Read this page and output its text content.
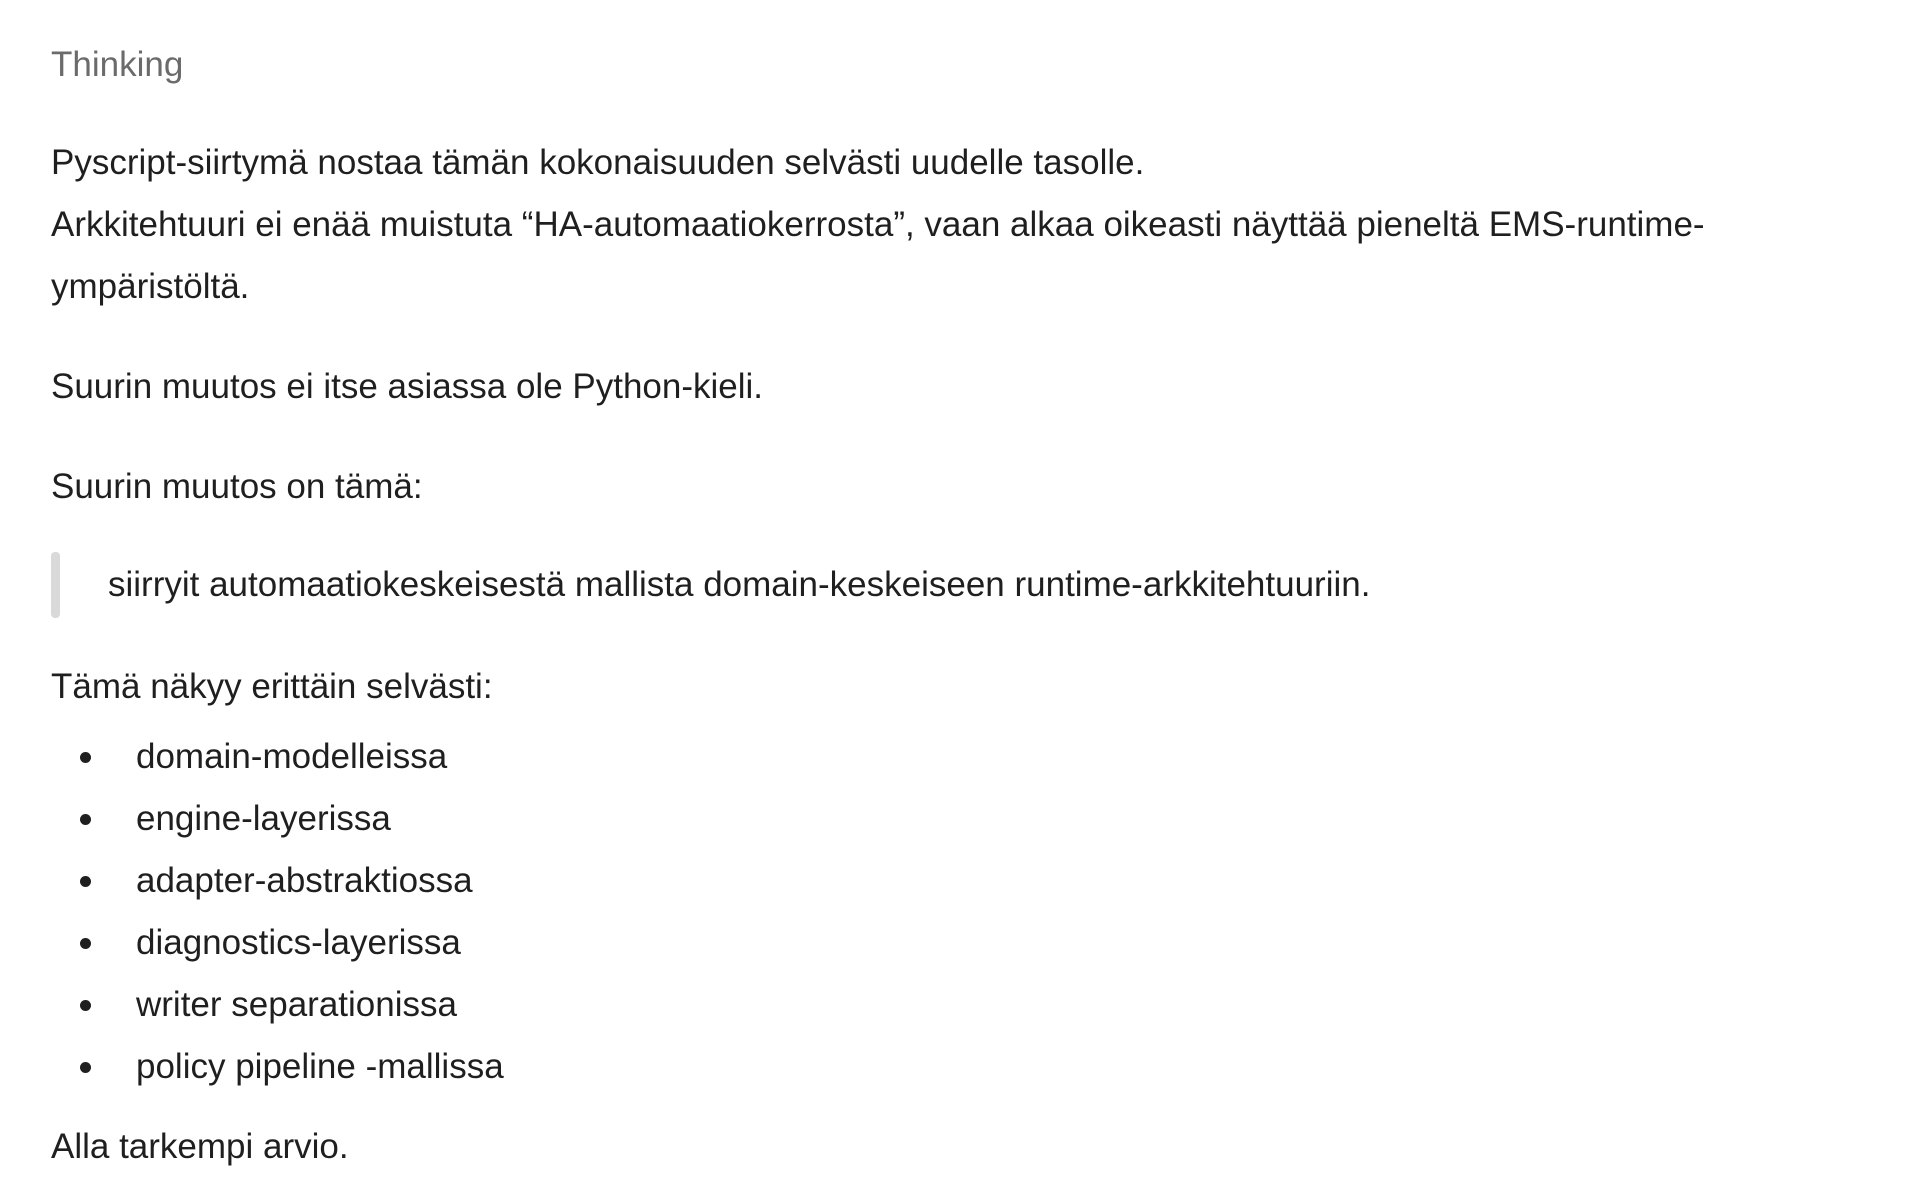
Thinking

Pyscript-siirtymä nostaa tämän kokonaisuuden selvästi uudelle tasolle.

Arkkitehtuuri ei enää muistuta “HA-automaatiokerrosta”, vaan alkaa oikeasti näyttää pieneltä EMS-runtime-ympäristöltä.

Suurin muutos ei itse asiassa ole Python-kieli.

Suurin muutos on tämä:

siirryit automaatiokeskeisestä mallista domain-keskeiseen runtime-arkkitehtuuriin.

Tämä näkyy erittäin selvästi:

domain-modelleissa
engine-layerissa
adapter-abstraktiossa
diagnostics-layerissa
writer separationissa
policy pipeline -mallissa

Alla tarkempi arvio.
